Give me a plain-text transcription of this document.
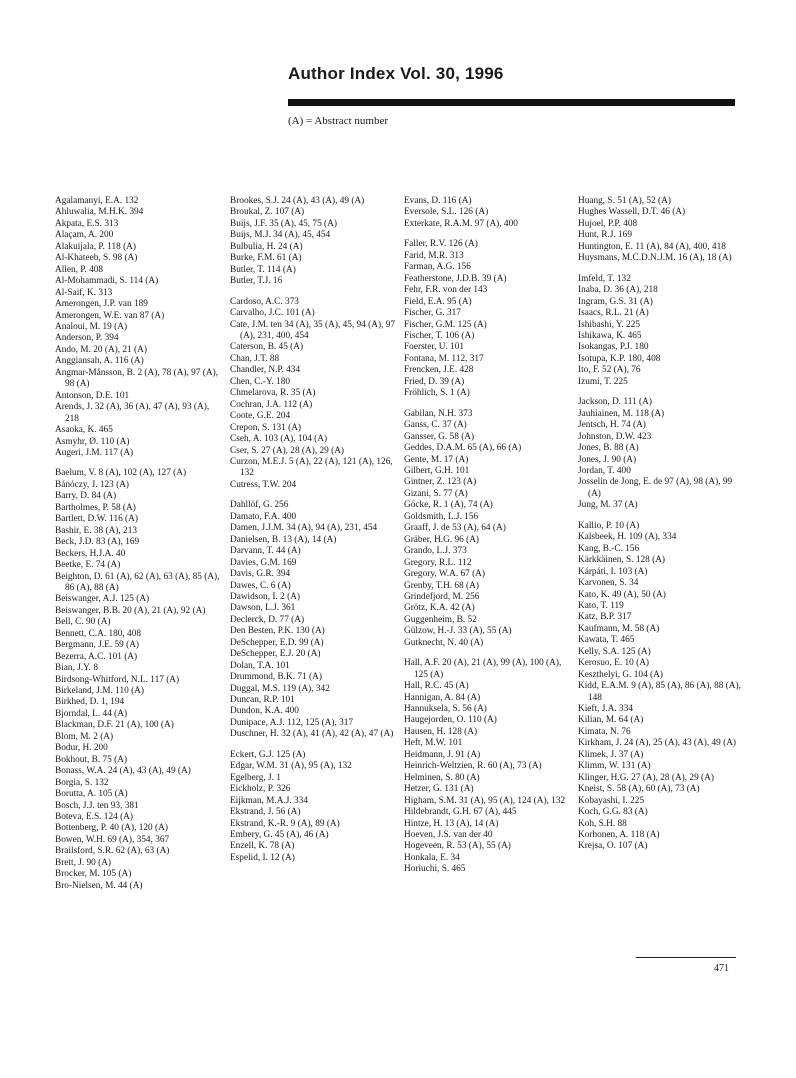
Author Index Vol. 30, 1996

(A) = Abstract number

Agalamanyi, E.A. 132
Ahluwalia, M.H.K. 394
Akpata, E.S. 313
Alaçam, A. 200
Alakuijala, P. 118 (A)
Al-Khateeb, S. 98 (A)
Allen, P. 408
Al-Mohammadi, S. 114 (A)
Al-Saif, K. 313
Amerongen, J.P. van 189
Amerongen, W.E. van 87 (A)
Analoui, M. 19 (A)
Anderson, P. 394
Ando, M. 20 (A), 21 (A)
Anggiansah, A. 116 (A)
Angmar-Månsson, B. 2 (A), 78 (A), 97 (A), 98 (A)
Antonson, D.E. 101
Arends, J. 32 (A), 36 (A), 47 (A), 93 (A), 218
Asaoka, K. 465
Asmyhr, Ø. 110 (A)
Augeri, J.M. 117 (A)
Baelum, V. 8 (A), 102 (A), 127 (A)
Bánóczy, J. 123 (A)
Barry, D. 84 (A)
Bartholmes, P. 58 (A)
Bartlett, D.W. 116 (A)
Bashir, E. 38 (A), 213
Beck, J.D. 83 (A), 169
Beckers, H.J.A. 40
Beetke, E. 74 (A)
Beighton, D. 61 (A), 62 (A), 63 (A), 85 (A), 86 (A), 88 (A)
Beiswanger, A.J. 125 (A)
Beiswanger, B.B. 20 (A), 21 (A), 92 (A)
Bell, C. 90 (A)
Bennett, C.A. 180, 408
Bergmann, J.E. 59 (A)
Bezerra, A.C. 101 (A)
Bian, J.Y. 8
Birdsong-Whitford, N.L. 117 (A)
Birkeland, J.M. 110 (A)
Birkhed, D. 1, 194
Bjorndal, L. 44 (A)
Blackman, D.F. 21 (A), 100 (A)
Blom, M. 2 (A)
Bodur, H. 200
Bokhout, B. 75 (A)
Bonass, W.A. 24 (A), 43 (A), 49 (A)
Borgia, S. 132
Borutta, A. 105 (A)
Bosch, J.J. ten 93, 381
Boteva, E.S. 124 (A)
Bottenberg, P. 40 (A), 120 (A)
Bowen, W.H. 69 (A), 354, 367
Brailsford, S.R. 62 (A), 63 (A)
Brett, J. 90 (A)
Brocker, M. 105 (A)
Bro-Nielsen, M. 44 (A)
Brookes, S.J. 24 (A), 43 (A), 49 (A)
Broukal, Z. 107 (A)
Buijs, J.F. 35 (A), 45, 75 (A)
Buijs, M.J. 34 (A), 45, 454
Bulbulia, H. 24 (A)
Burke, F.M. 61 (A)
Butler, T. 114 (A)
Butler, T.J. 16
Cardoso, A.C. 373
Carvalho, J.C. 101 (A)
Cate, J.M. ten 34 (A), 35 (A), 45, 94 (A), 97 (A), 231, 400, 454
Caterson, B. 45 (A)
Chan, J.T. 88
Chandler, N.P. 434
Chen, C.-Y. 180
Chmelarova, R. 35 (A)
Cochran, J.A. 112 (A)
Coote, G.E. 204
Crepon, S. 131 (A)
Cseh, A. 103 (A), 104 (A)
Cser, S. 27 (A), 28 (A), 29 (A)
Curzon, M.E.J. 5 (A), 22 (A), 121 (A), 126, 132
Cutress, T.W. 204
Dahllöf, G. 256
Damato, F.A. 400
Damen, J.J.M. 34 (A), 94 (A), 231, 454
Danielsen, B. 13 (A), 14 (A)
Darvann, T. 44 (A)
Davies, G.M. 169
Davis, G.R. 394
Dawes, C. 6 (A)
Dawidson, I. 2 (A)
Dawson, L.J. 361
Declerck, D. 77 (A)
Den Besten, P.K. 130 (A)
DeSchepper, E.D. 99 (A)
DeSchepper, E.J. 20 (A)
Dolan, T.A. 101
Drummond, B.K. 71 (A)
Duggal, M.S. 119 (A), 342
Duncan, R.P. 101
Dundon, K.A. 400
Dunipace, A.J. 112, 125 (A), 317
Duschner, H. 32 (A), 41 (A), 42 (A), 47 (A)
Eckert, G.J. 125 (A)
Edgar, W.M. 31 (A), 95 (A), 132
Egelberg, J. 1
Eickholz, P. 326
Eijkman, M.A.J. 334
Ekstrand, J. 56 (A)
Ekstrand, K.-R. 9 (A), 89 (A)
Embery, G. 45 (A), 46 (A)
Enzell, K. 78 (A)
Espelid, I. 12 (A)
Evans, D. 116 (A)
Eversole, S.L. 126 (A)
Exterkate, R.A.M. 97 (A), 400
Faller, R.V. 126 (A)
Farid, M.R. 313
Farman, A.G. 156
Featherstone, J.D.B. 39 (A)
Fehr, F.R. von der 143
Field, E.A. 95 (A)
Fischer, G. 317
Fischer, G.M. 125 (A)
Fischer, T. 106 (A)
Foerster, U. 101
Fontana, M. 112, 317
Frencken, J.E. 428
Fried, D. 39 (A)
Fröhlich, S. 1 (A)
Gabilan, N.H. 373
Ganss, C. 37 (A)
Gansser, G. 58 (A)
Geddes, D.A.M. 65 (A), 66 (A)
Gente, M. 17 (A)
Gilbert, G.H. 101
Gintner, Z. 123 (A)
Gizani, S. 77 (A)
Göcke, R. 1 (A), 74 (A)
Goldsmith, L.J. 156
Graaff, J. de 53 (A), 64 (A)
Gräber, H.G. 96 (A)
Grando, L.J. 373
Gregory, R.L. 112
Gregory, W.A. 67 (A)
Grenby, T.H. 68 (A)
Grindefjord, M. 256
Grötz, K.A. 42 (A)
Guggenheim, B. 52
Gülzow, H.-J. 33 (A), 55 (A)
Gutknecht, N. 40 (A)
Hall, A.F. 20 (A), 21 (A), 99 (A), 100 (A), 125 (A)
Hall, R.C. 45 (A)
Hannigan, A. 84 (A)
Hannuksela, S. 56 (A)
Haugejorden, O. 110 (A)
Hausen, H. 128 (A)
Heft, M.W. 101
Heidmann, J. 91 (A)
Heinrich-Weltzien, R. 60 (A), 73 (A)
Helminen, S. 80 (A)
Hetzer, G. 131 (A)
Higham, S.M. 31 (A), 95 (A), 124 (A), 132
Hildebrandt, G.H. 67 (A), 445
Hintze, H. 13 (A), 14 (A)
Hoeven, J.S. van der 40
Hogeveen, R. 53 (A), 55 (A)
Honkala, E. 34
Horiuchi, S. 465
Huang, S. 51 (A), 52 (A)
Hughes Wassell, D.T. 46 (A)
Hujoel, P.P. 408
Hunt, R.J. 169
Huntington, E. 11 (A), 84 (A), 400, 418
Huysmans, M.C.D.N.J.M. 16 (A), 18 (A)
Imfeld, T. 132
Inaba, D. 36 (A), 218
Ingram, G.S. 31 (A)
Isaacs, R.L. 21 (A)
Ishibashi, Y. 225
Ishikawa, K. 465
Isokangas, P.J. 180
Isotupa, K.P. 180, 408
Ito, F. 52 (A), 76
Izumi, T. 225
Jackson, D. 111 (A)
Jauhiainen, M. 118 (A)
Jentsch, H. 74 (A)
Johnston, D.W. 423
Jones, B. 88 (A)
Jones, J. 90 (A)
Jordan, T. 400
Josselin de Jong, E. de 97 (A), 98 (A), 99 (A)
Jung, M. 37 (A)
Kallio, P. 10 (A)
Kalsbeek, H. 109 (A), 334
Kang, B.-C. 156
Kärkkäinen, S. 128 (A)
Kárpáti, I. 103 (A)
Karvonen, S. 34
Kato, K. 49 (A), 50 (A)
Kato, T. 119
Katz, B.P. 317
Kaufmann, M. 58 (A)
Kawata, T. 465
Kelly, S.A. 125 (A)
Kerosuo, E. 10 (A)
Keszthelyi, G. 104 (A)
Kidd, E.A.M. 9 (A), 85 (A), 86 (A), 88 (A), 148
Kieft, J.A. 334
Kilian, M. 64 (A)
Kimata, N. 76
Kirkham, J. 24 (A), 25 (A), 43 (A), 49 (A)
Klimek, J. 37 (A)
Klimm, W. 131 (A)
Klinger, H.G. 27 (A), 28 (A), 29 (A)
Kneist, S. 58 (A), 60 (A), 73 (A)
Kobayashi, I. 225
Koch, G.G. 83 (A)
Koh, S.H. 88
Korhonen, A. 118 (A)
Krejsa, O. 107 (A)

471
